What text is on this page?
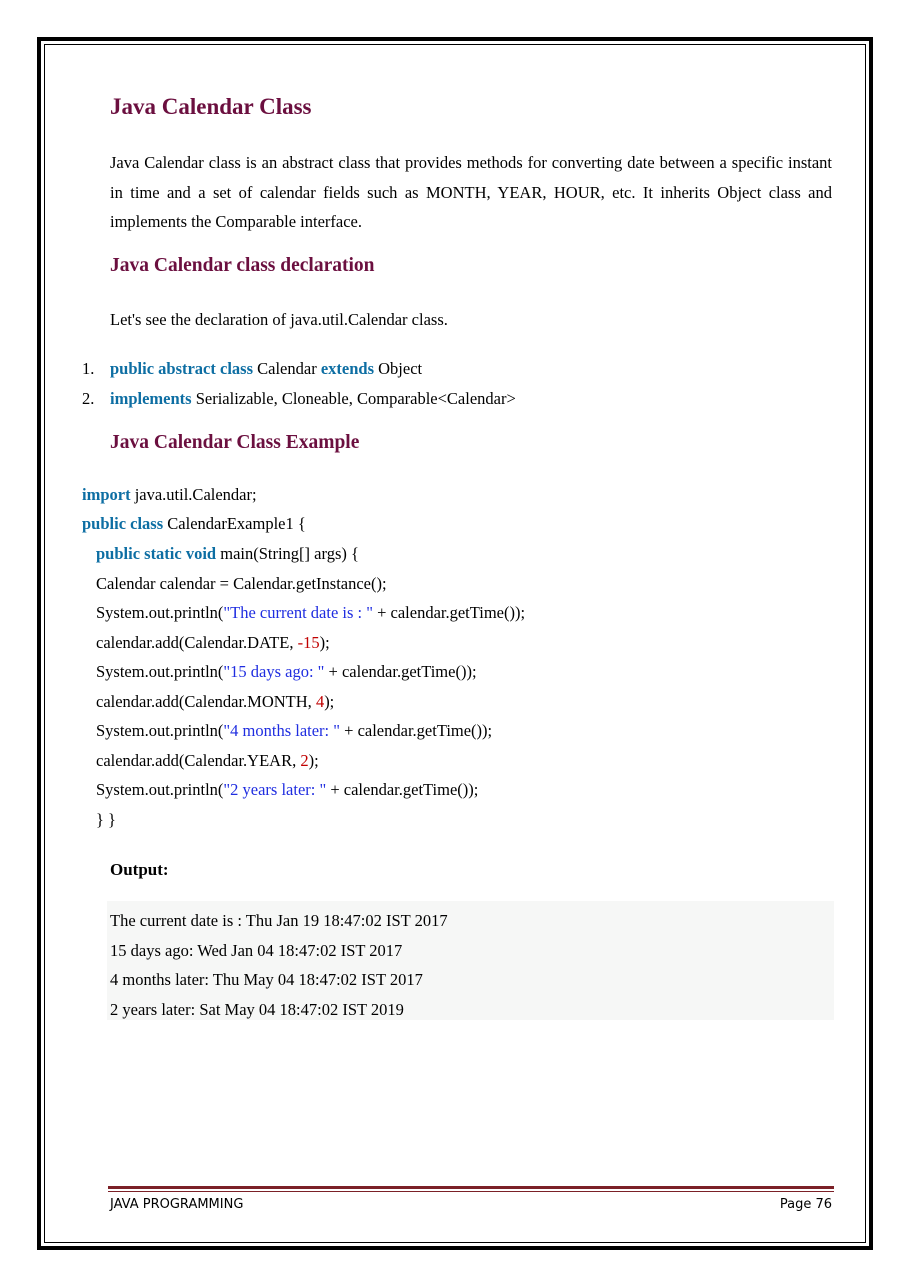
Java Calendar Class

Java Calendar class is an abstract class that provides methods for converting date between a specific instant in time and a set of calendar fields such as MONTH, YEAR, HOUR, etc. It inherits Object class and implements the Comparable interface.

Java Calendar class declaration

Let's see the declaration of java.util.Calendar class.

1. public abstract class Calendar extends Object
2. implements Serializable, Cloneable, Comparable<Calendar>
Java Calendar Class Example
import java.util.Calendar;
public class CalendarExample1 {
public static void main(String[] args) {
Calendar calendar = Calendar.getInstance();
System.out.println("The current date is : " + calendar.getTime());
calendar.add(Calendar.DATE, -15);
System.out.println("15 days ago: " + calendar.getTime());
calendar.add(Calendar.MONTH, 4);
System.out.println("4 months later: " + calendar.getTime());
calendar.add(Calendar.YEAR, 2);
System.out.println("2 years later: " + calendar.getTime());
} }
Output:
The current date is : Thu Jan 19 18:47:02 IST 2017
15 days ago: Wed Jan 04 18:47:02 IST 2017
4 months later: Thu May 04 18:47:02 IST 2017
2 years later: Sat May 04 18:47:02 IST 2019
JAVA PROGRAMMING	Page 76
